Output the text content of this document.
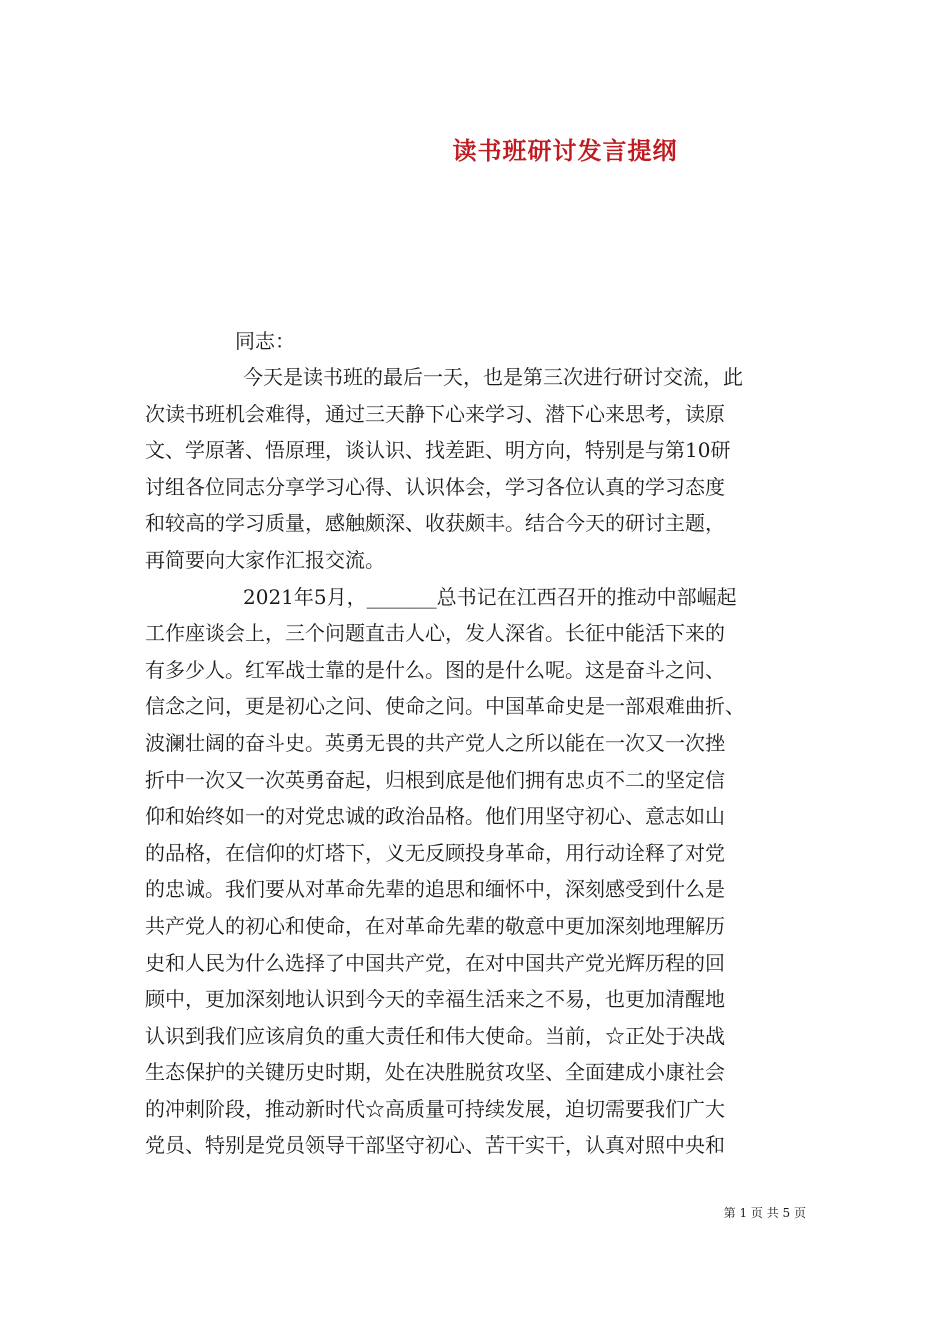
读书班研讨发言提纲
同志：
今天是读书班的最后一天，也是第三次进行研讨交流，此
次读书班机会难得，通过三天静下心来学习、潜下心来思考，读原
文、学原著、悟原理，谈认识、找差距、明方向，特别是与第10研
讨组各位同志分享学习心得、认识体会，学习各位认真的学习态度
和较高的学习质量，感触颇深、收获颇丰。结合今天的研讨主题，
再简要向大家作汇报交流。
2021年5月，_______总书记在江西召开的推动中部崛起
工作座谈会上，三个问题直击人心，发人深省。长征中能活下来的
有多少人。红军战士靠的是什么。图的是什么呢。这是奋斗之问、
信念之问，更是初心之问、使命之问。中国革命史是一部艰难曲折、
波澜壮阔的奋斗史。英勇无畏的共产党人之所以能在一次又一次挫
折中一次又一次英勇奋起，归根到底是他们拥有忠贞不二的坚定信
仰和始终如一的对党忠诚的政治品格。他们用坚守初心、意志如山
的品格，在信仰的灯塔下，义无反顾投身革命，用行动诠释了对党
的忠诚。我们要从对革命先辈的追思和缅怀中，深刻感受到什么是
共产党人的初心和使命，在对革命先辈的敬意中更加深刻地理解历
史和人民为什么选择了中国共产党，在对中国共产党光辉历程的回
顾中，更加深刻地认识到今天的幸福生活来之不易，也更加清醒地
认识到我们应该肩负的重大责任和伟大使命。当前，☆正处于决战
生态保护的关键历史时期，处在决胜脱贫攻坚、全面建成小康社会
的冲刺阶段，推动新时代☆高质量可持续发展，迫切需要我们广大
党员、特别是党员领导干部坚守初心、苦干实干，认真对照中央和
第 1 页 共 5 页
